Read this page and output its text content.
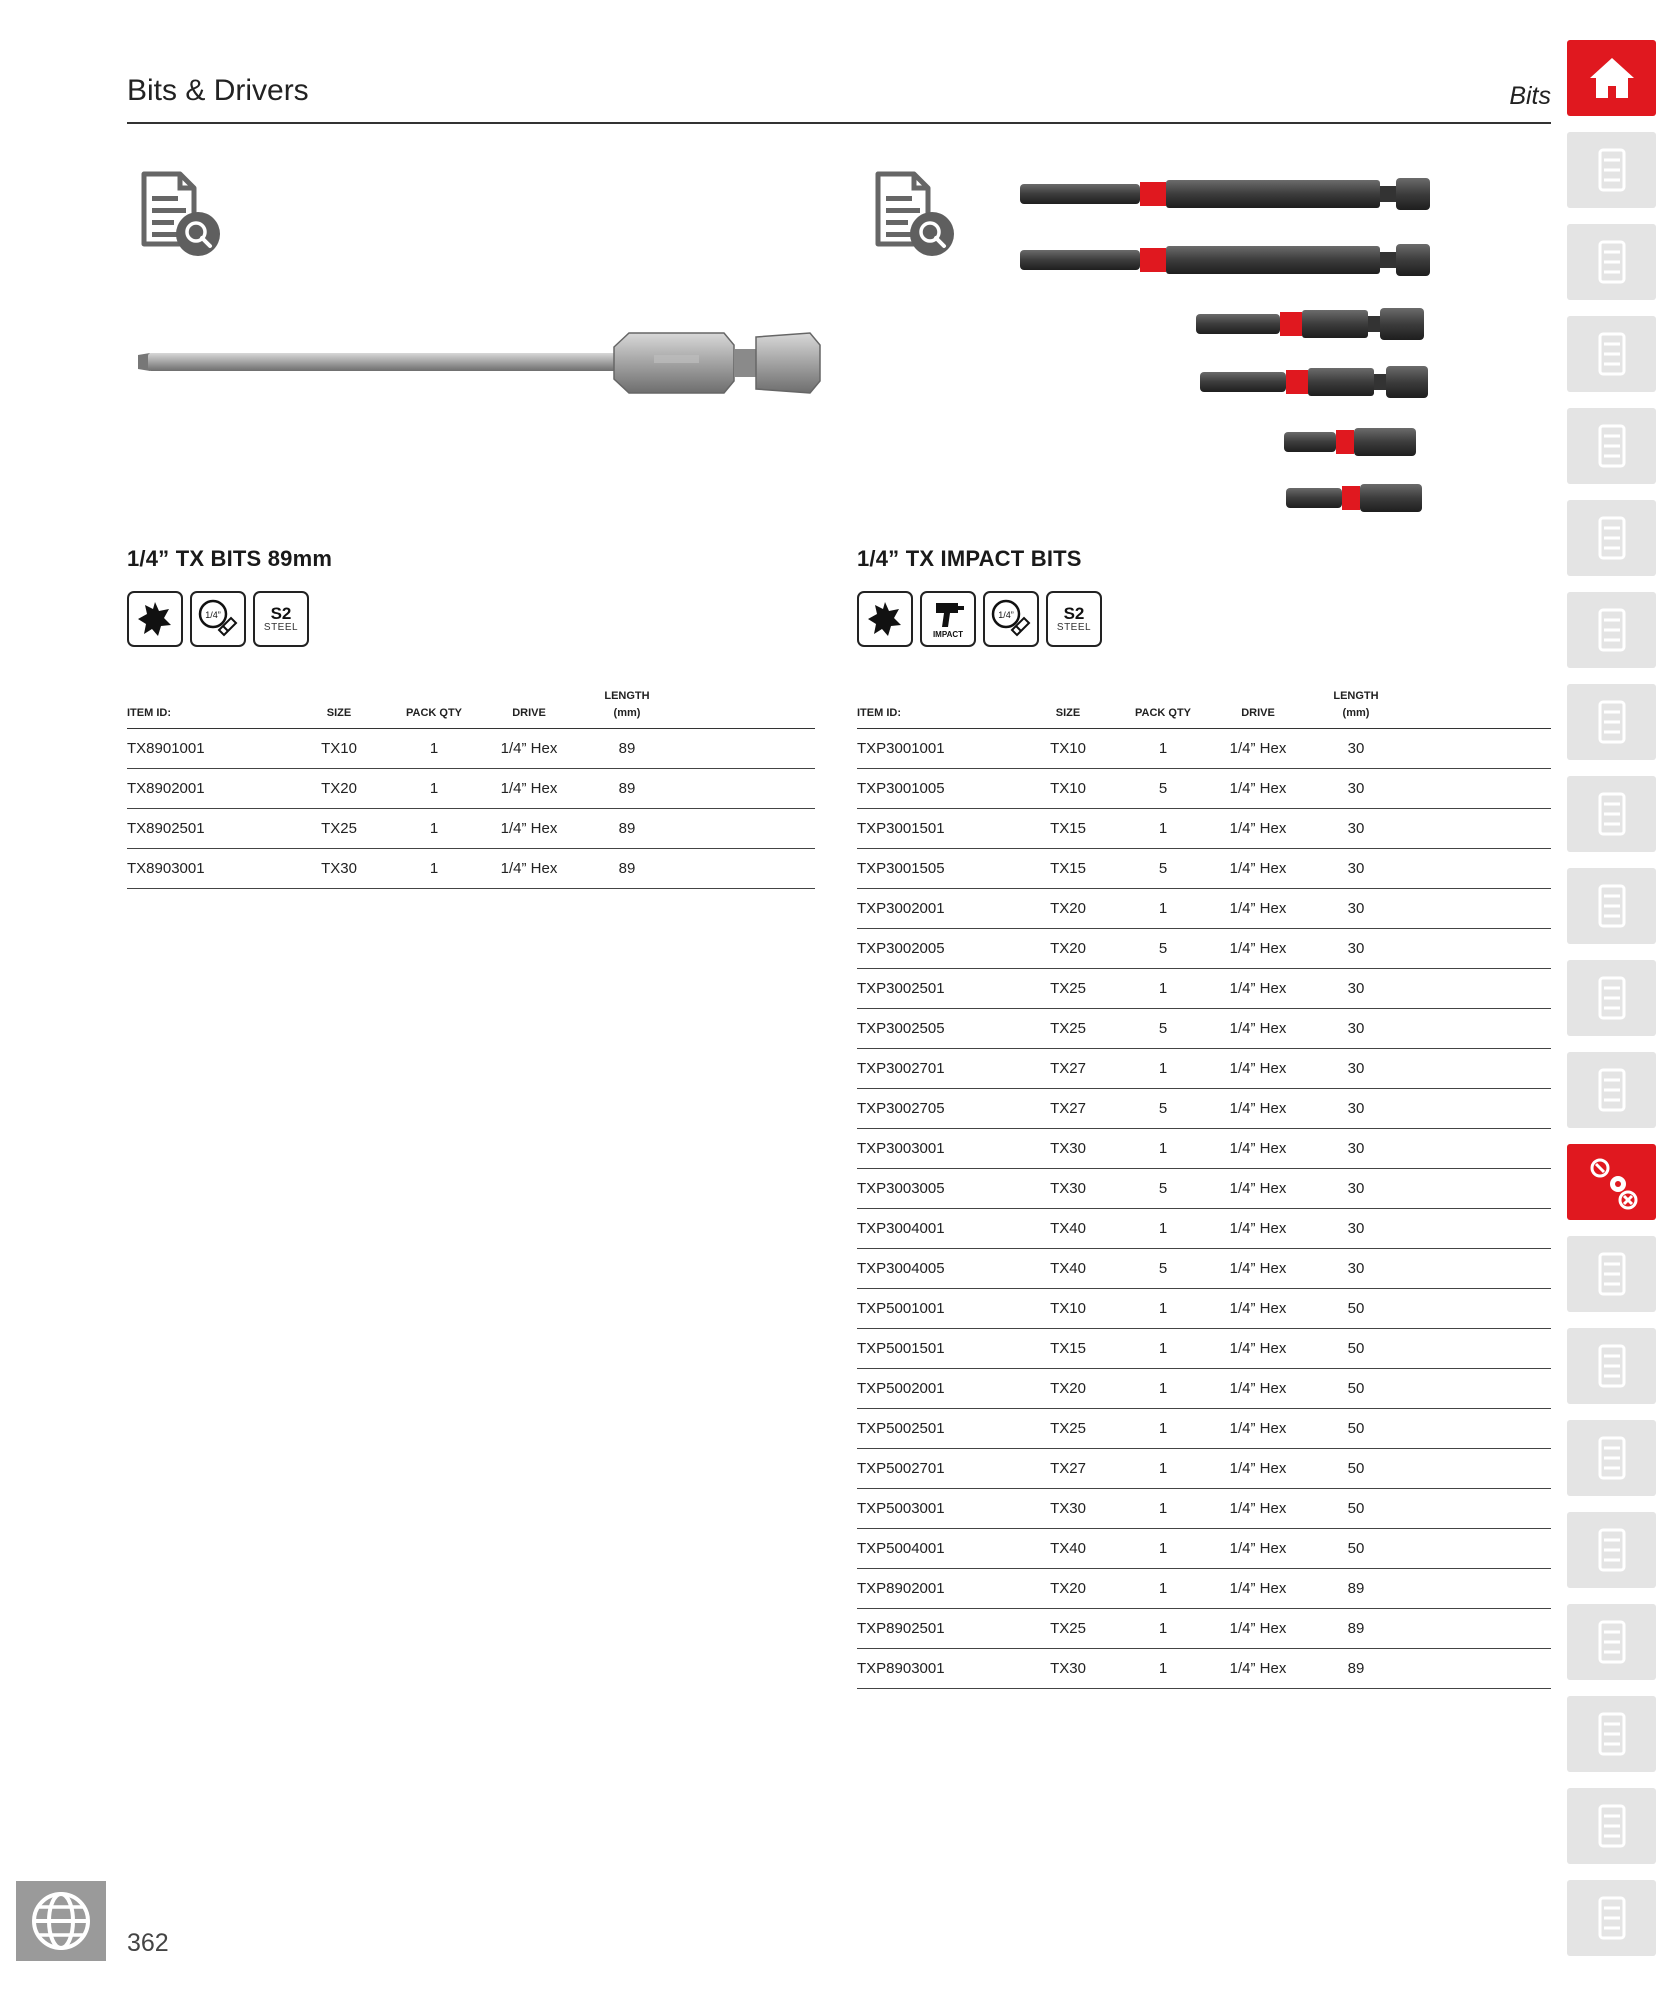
Bits & Drivers	Bits
1/4” TX BITS 89mm
1/4”	S2
STEEL
ITEM ID:	SIZE	PACK QTY	DRIVE
LENGTH
(mm)
TX8901001	TX10	1	1/4” Hex	89
TX8902001	TX20	1	1/4” Hex	89
TX8902501	TX25	1	1/4” Hex	89
TX8903001	TX30	1	1/4” Hex	89
1/4” TX IMPACT BITS
IMPACT
1/4”	S2
STEEL
ITEM ID:	SIZE	PACK QTY	DRIVE
LENGTH
(mm)
TXP3001001	TX10	1	1/4” Hex	30
TXP3001005	TX10	5	1/4” Hex	30
TXP3001501	TX15	1	1/4” Hex	30
TXP3001505	TX15	5	1/4” Hex	30
TXP3002001	TX20	1	1/4” Hex	30
TXP3002005	TX20	5	1/4” Hex	30
TXP3002501	TX25	1	1/4” Hex	30
TXP3002505	TX25	5	1/4” Hex	30
TXP3002701	TX27	1	1/4” Hex	30
TXP3002705	TX27	5	1/4” Hex	30
TXP3003001	TX30	1	1/4” Hex	30
TXP3003005	TX30	5	1/4” Hex	30
TXP3004001	TX40	1	1/4” Hex	30
TXP3004005	TX40	5	1/4” Hex	30
TXP5001001	TX10	1	1/4” Hex	50
TXP5001501	TX15	1	1/4” Hex	50
TXP5002001	TX20	1	1/4” Hex	50
TXP5002501	TX25	1	1/4” Hex	50
TXP5002701	TX27	1	1/4” Hex	50
TXP5003001	TX30	1	1/4” Hex	50
TXP5004001	TX40	1	1/4” Hex	50
TXP8902001	TX20	1	1/4” Hex	89
TXP8902501	TX25	1	1/4” Hex	89
TXP8903001	TX30	1	1/4” Hex	89
362
